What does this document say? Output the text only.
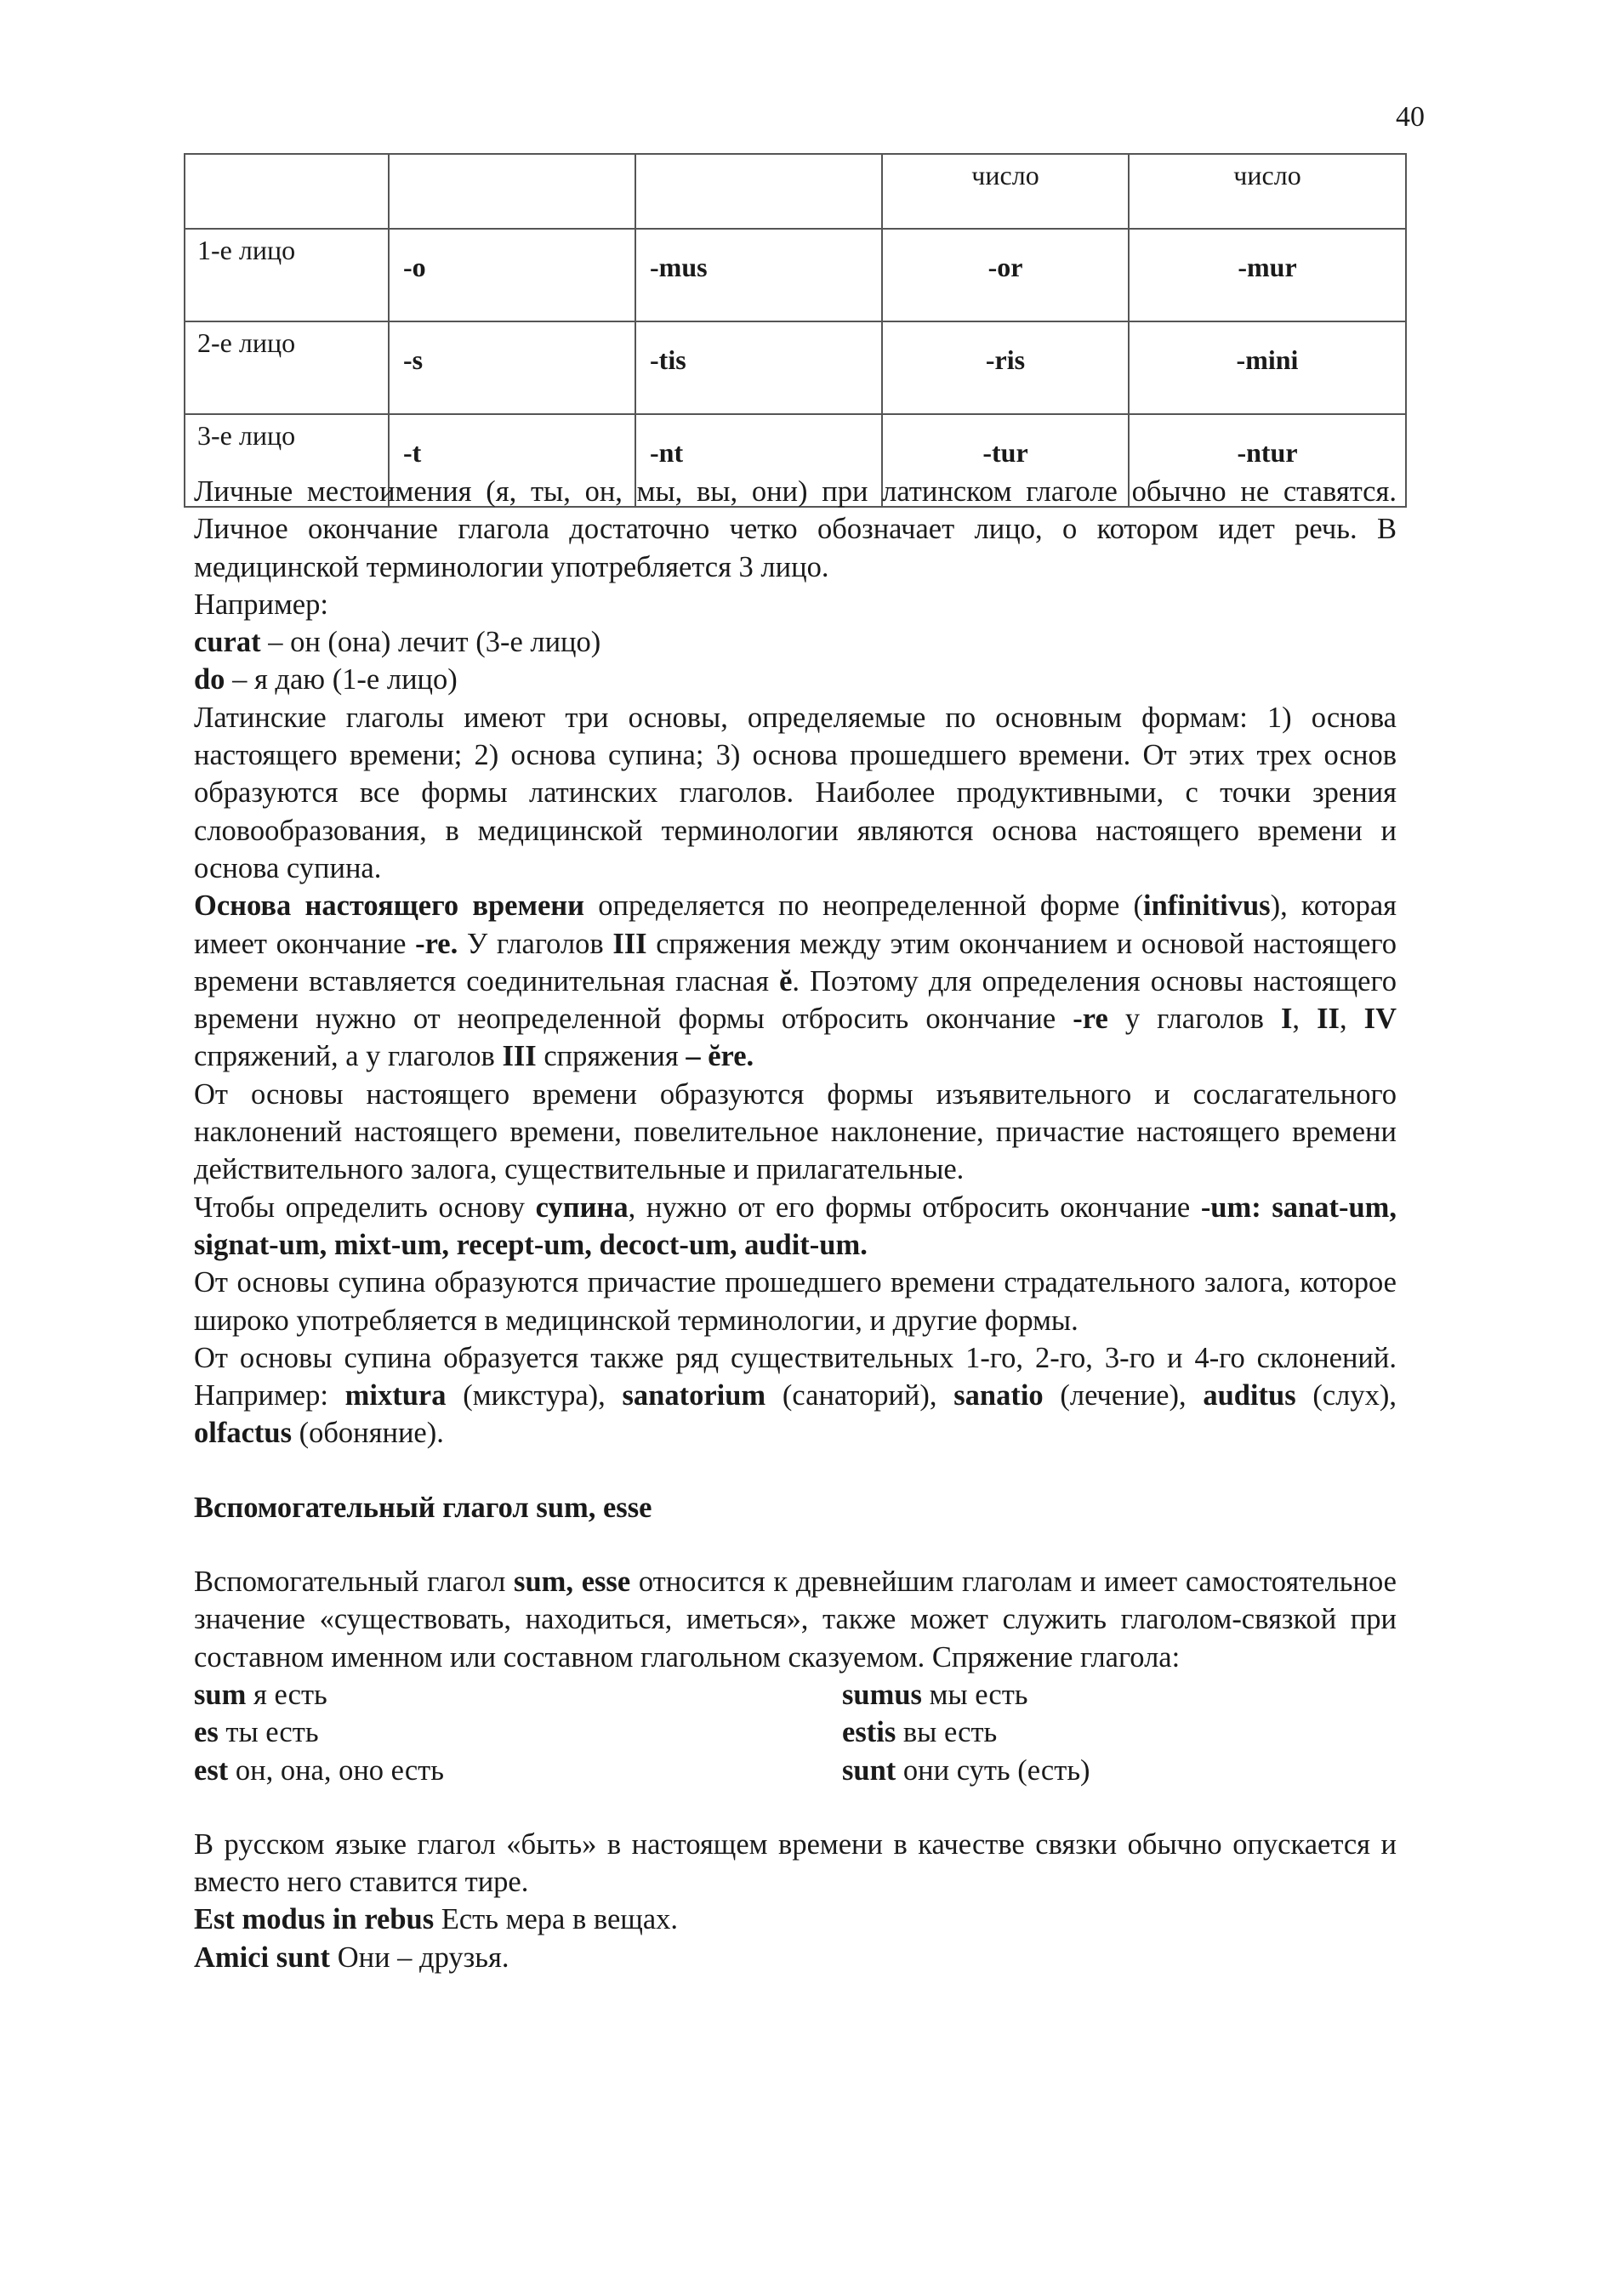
40
			число	число
1-е лицо	-o	-mus	-or	-mur
2-е лицо	-s	-tis	-ris	-mini
3-е лицо	-t	-nt	-tur	-ntur

Личные местоимения (я, ты, он, мы, вы, они) при латинском глаголе обычно не ставятся. Личное окончание глагола достаточно четко обозначает лицо, о котором идет речь. В медицинской терминологии употребляется 3 лицо.

Например:

curat – он (она) лечит (3-е лицо)

do – я даю (1-е лицо)

Латинские глаголы имеют три основы, определяемые по основным формам: 1) основа настоящего времени; 2) основа супина; 3) основа прошедшего времени. От этих трех основ образуются все формы латинских глаголов. Наиболее продуктивными, с точки зрения словообразования, в медицинской терминологии являются основа настоящего времени и основа супина.

Основа настоящего времени определяется по неопределенной форме (infinitivus), которая имеет окончание -re. У глаголов III спряжения между этим окончанием и основой настоящего времени вставляется соединительная гласная ĕ. Поэтому для определения основы настоящего времени нужно от неопределенной формы отбросить окончание -re у глаголов I, II, IV спряжений, а у глаголов III спряжения – ĕre.

От основы настоящего времени образуются формы изъявительного и сослагательного наклонений настоящего времени, повелительное наклонение, причастие настоящего времени действительного залога, существительные и прилагательные.

Чтобы определить основу супина, нужно от его формы отбросить окончание -um: sanat-um, signat-um, mixt-um, recept-um, decoct-um, audit-um.

От основы супина образуются причастие прошедшего времени страдательного залога, которое широко употребляется в медицинской терминологии, и другие формы.

От основы супина образуется также ряд существительных 1-го, 2-го, 3-го и 4-го склонений. Например: mixtura (микстура), sanatorium (санаторий), sanatio (лечение), auditus (слух), olfactus (обоняние).

Вспомогательный глагол sum, esse

Вспомогательный глагол sum, esse относится к древнейшим глаголам и имеет самостоятельное значение «существовать, находиться, иметься», также может служить глаголом-связкой при составном именном или составном глагольном сказуемом. Спряжение глагола:

sum я есть	sumus мы есть
es ты есть	estis вы есть
est он, она, оно есть	sunt они суть (есть)

В русском языке глагол «быть» в настоящем времени в качестве связки обычно опускается и вместо него ставится тире.

Est modus in rebus Есть мера в вещах.

Amici sunt Они – друзья.
